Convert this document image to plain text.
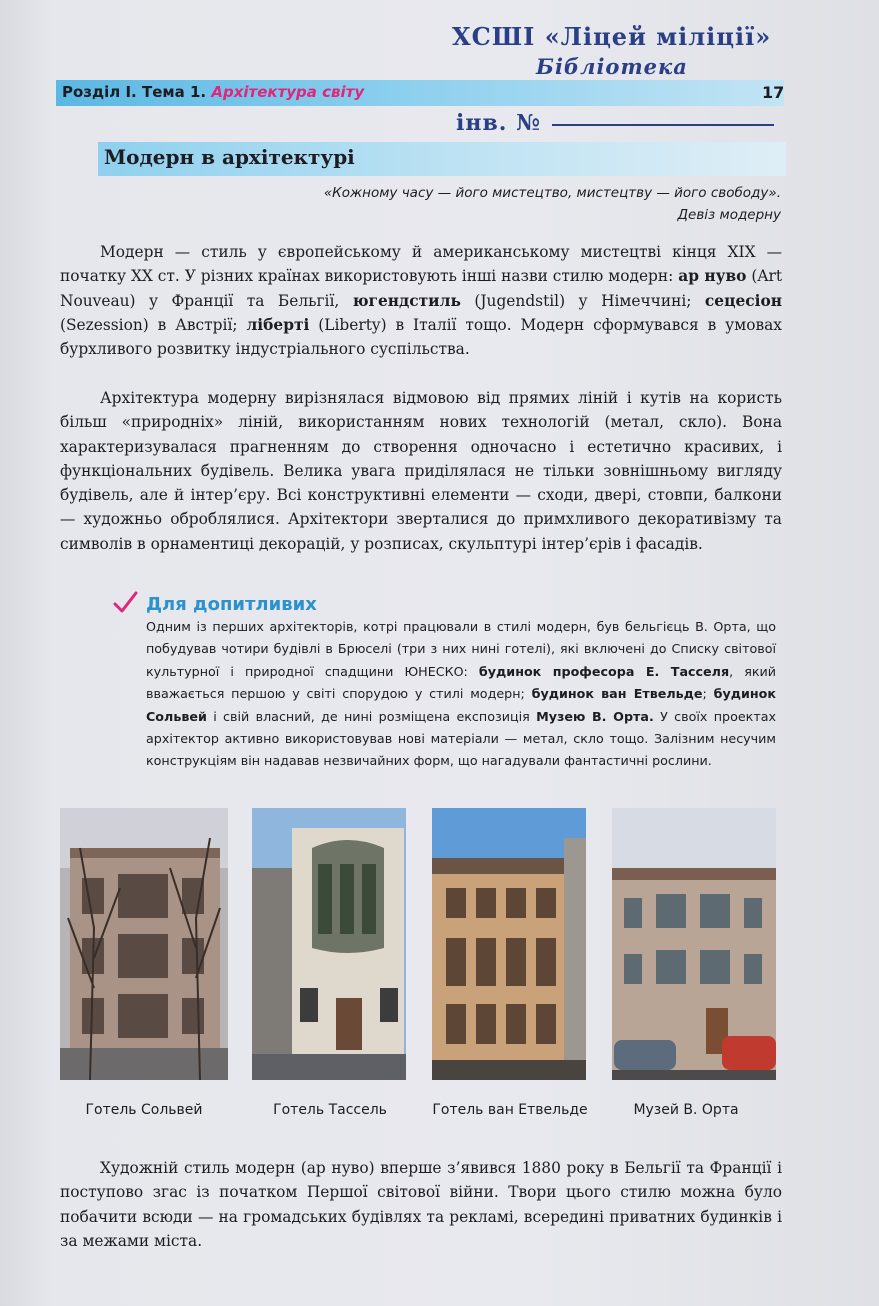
ХСШІ «Ліцей міліції»
Бібліотека
інв. №
Розділ І. Тема 1. Архітектура світу	17
Модерн в архітектурі
«Кожному часу — його мистецтво, мистецтву — його свободу».
Девіз модерну

Модерн — стиль у європейському й американському мистецтві кінця XIX — початку XX ст. У різних країнах використовують інші назви стилю модерн: ар нуво (Art Nouveau) у Франції та Бельгії, югендстиль (Jugendstil) у Німеччині; сецесіон (Sezession) в Австрії; ліберті (Liberty) в Італії тощо. Модерн сформувався в умовах бурхливого розвитку індустріального суспільства.

Архітектура модерну вирізнялася відмовою від прямих ліній і кутів на користь більш «природніх» ліній, використанням нових технологій (метал, скло). Вона характеризувалася прагненням до створення одночасно і естетично красивих, і функціональних будівель. Велика увага приділялася не тільки зовнішньому вигляду будівель, але й інтер’єру. Всі конструктивні елементи — сходи, двері, стовпи, балкони — художньо оброблялися. Архітектори зверталися до примхливого декоративізму та символів в орнаментиці декорацій, у розписах, скульптурі інтер’єрів і фасадів.

Для допитливих
Одним із перших архітекторів, котрі працювали в стилі модерн, був бельгієць В. Орта, що побудував чотири будівлі в Брюселі (три з них нині готелі), які включені до Списку світової культурної і природної спадщини ЮНЕСКО: будинок професора Е. Тасселя, який вважається першою у світі спорудою у стилі модерн; будинок ван Етвельде; будинок Сольвей і свій власний, де нині розміщена експозиція Музею В. Орта. У своїх проектах архітектор активно використовував нові матеріали — метал, скло тощо. Залізним несучим конструкціям він надавав незвичайних форм, що нагадували фантастичні рослини.
Готель Сольвей	Готель Тассель	Готель ван Етвельде	Музей В. Орта

Художній стиль модерн (ар нуво) вперше з’явився 1880 року в Бельгії та Франції і поступово згас із початком Першої світової війни. Твори цього стилю можна було побачити всюди — на громадських будівлях та рекламі, всередині приватних будинків і за межами міста.
